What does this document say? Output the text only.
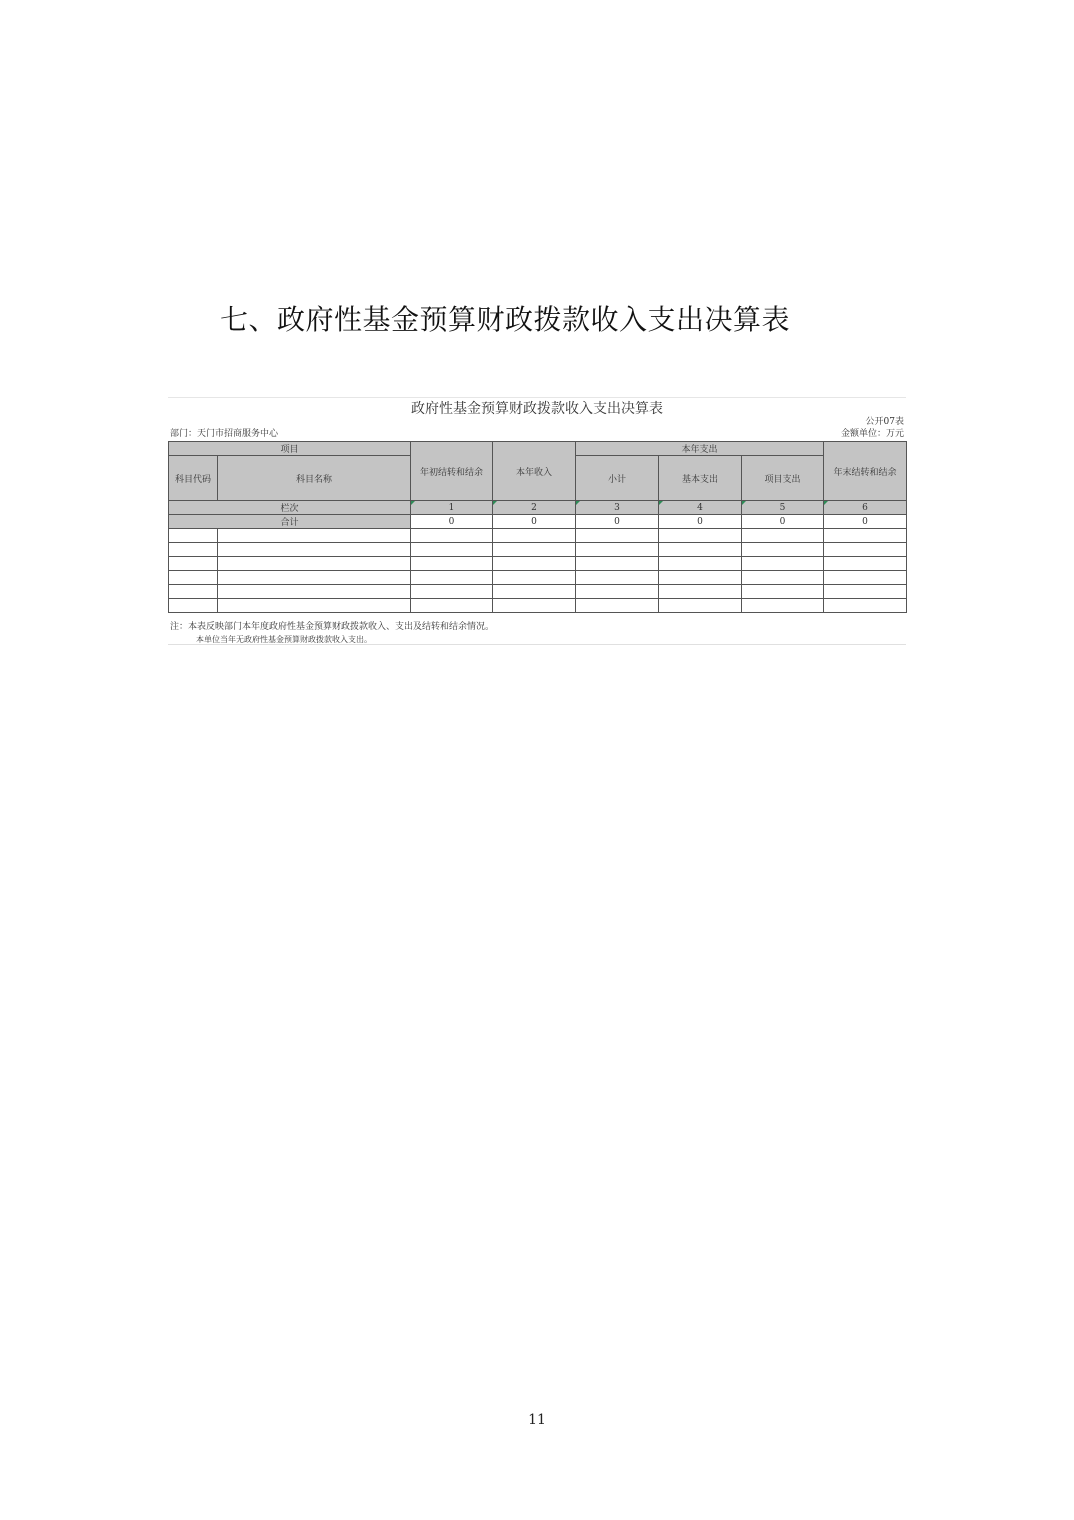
七、政府性基金预算财政拨款收入支出决算表
政府性基金预算财政拨款收入支出决算表
公开07表
部门：天门市招商服务中心	金额单位：万元
项目		年初结转和结余	本年收入	本年支出			年末结转和结余
科目代码	科目名称			小计	基本支出	项目支出	
栏次		1	2	3	4	5	6
合计		0	0	0	0	0	0

注：本表反映部门本年度政府性基金预算财政拨款收入、支出及结转和结余情况。
本单位当年无政府性基金预算财政拨款收入支出。
11
